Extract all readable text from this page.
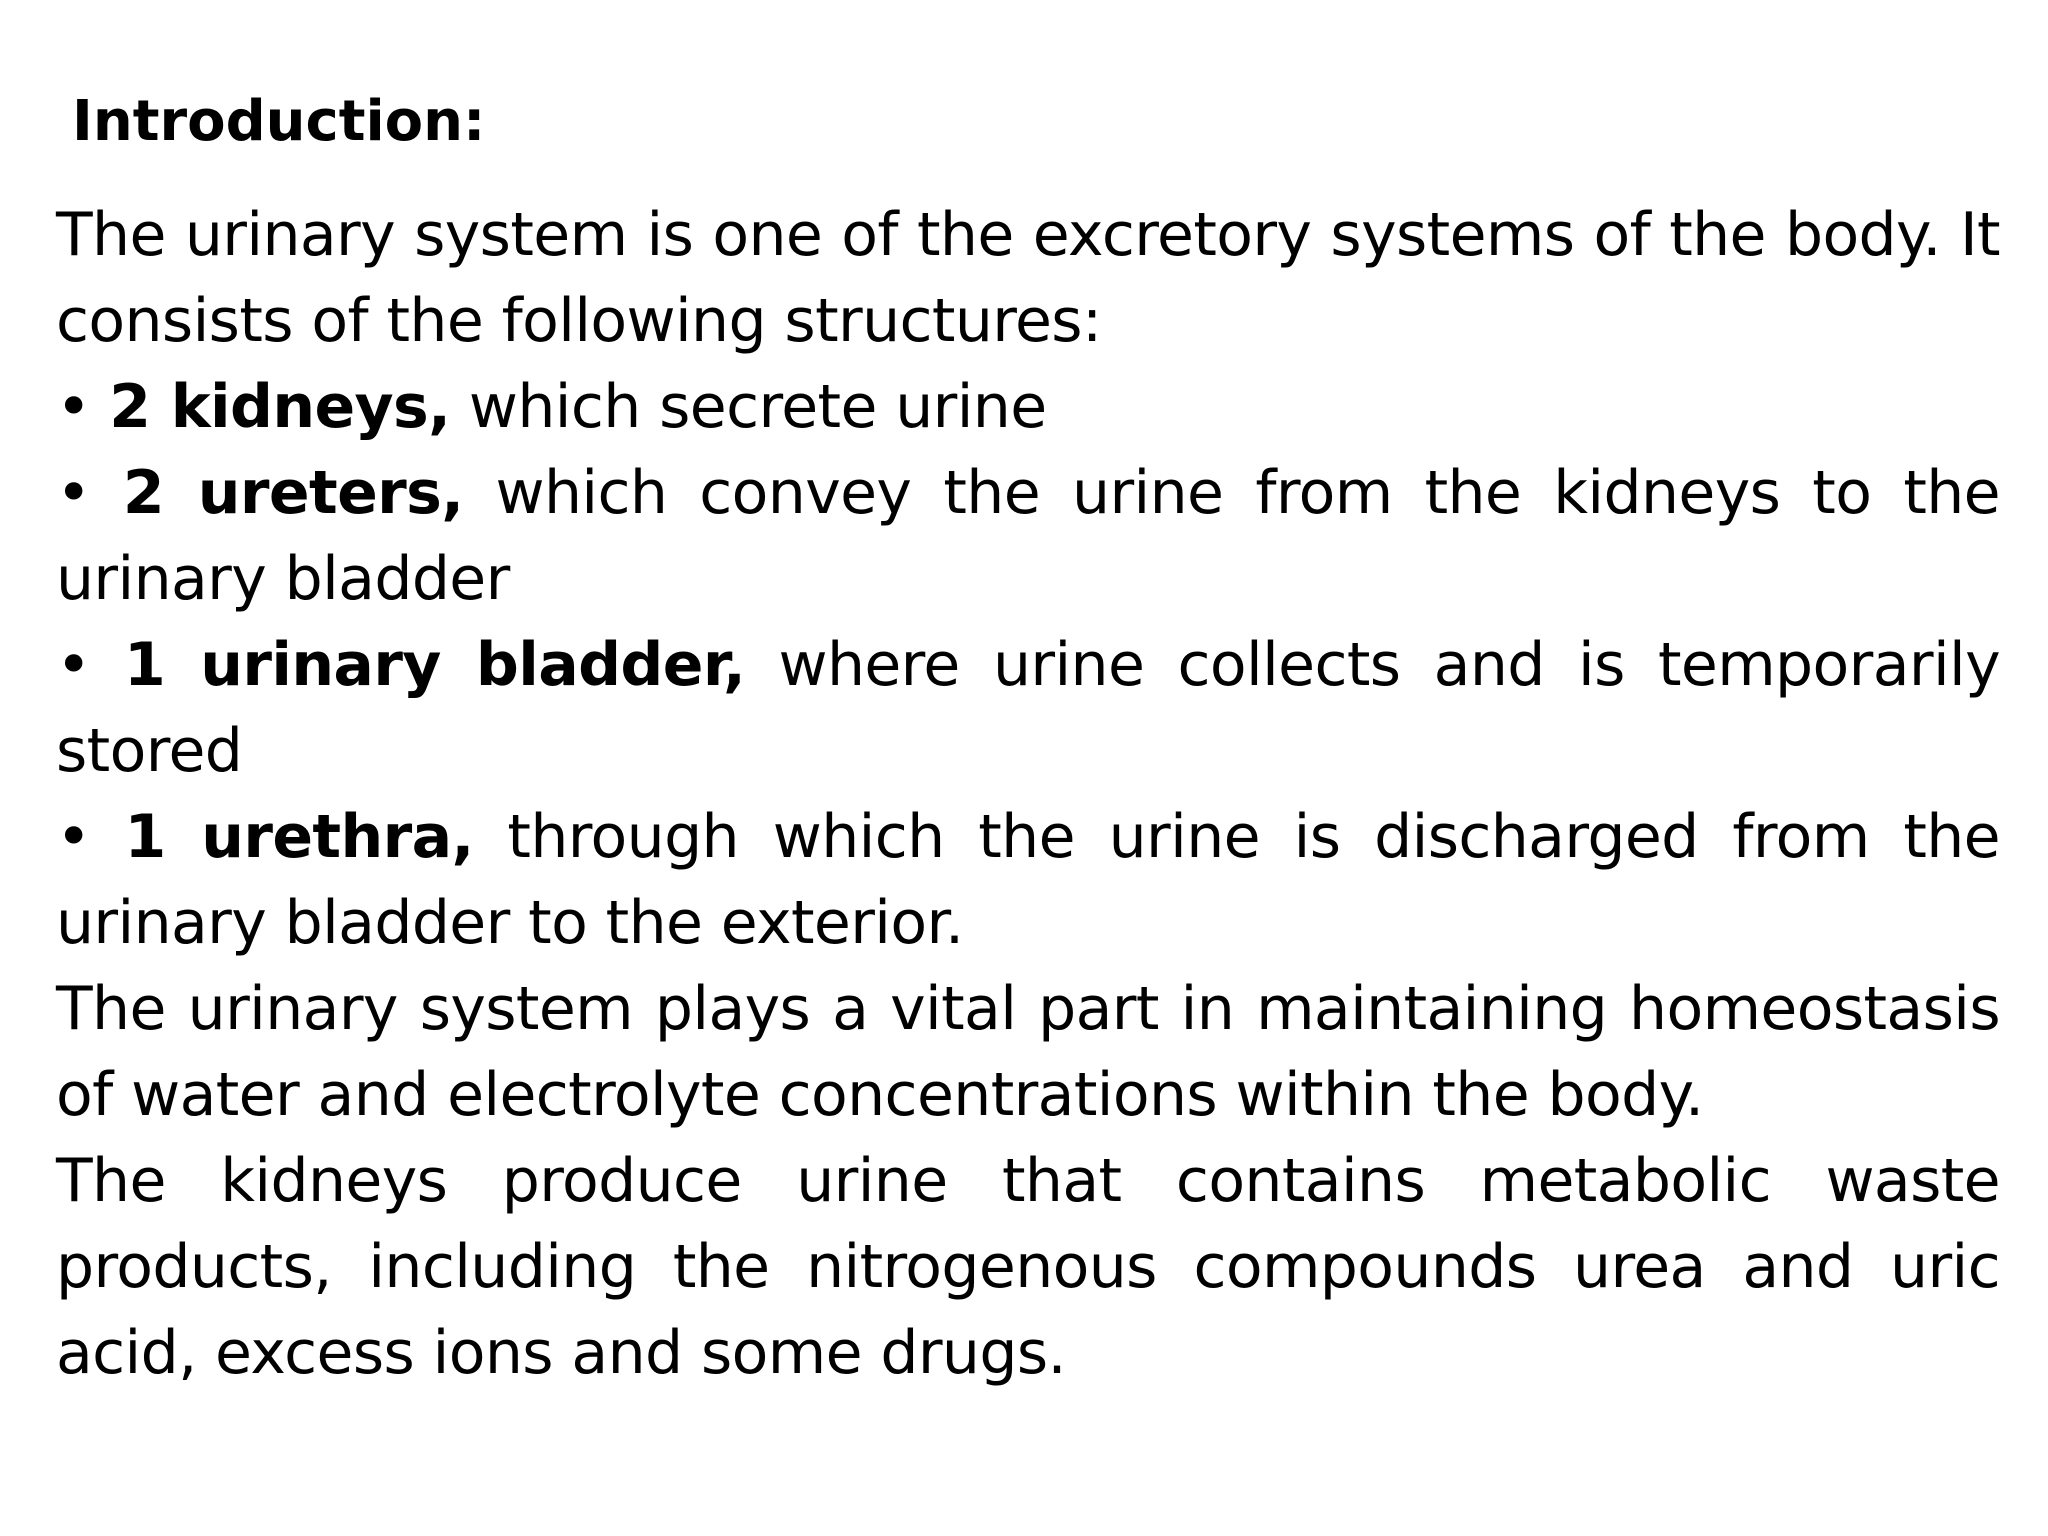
Introduction:

The urinary system is one of the excretory systems of the body. It consists of the following structures:

• 2 kidneys, which secrete urine

• 2 ureters, which convey the urine from the kidneys to the urinary bladder

• 1 urinary bladder, where urine collects and is temporarily stored

• 1 urethra, through which the urine is discharged from the urinary bladder to the exterior.

The urinary system plays a vital part in maintaining homeostasis of water and electrolyte concentrations within the body.

The kidneys produce urine that contains metabolic waste products, including the nitrogenous compounds urea and uric acid, excess ions and some drugs.
